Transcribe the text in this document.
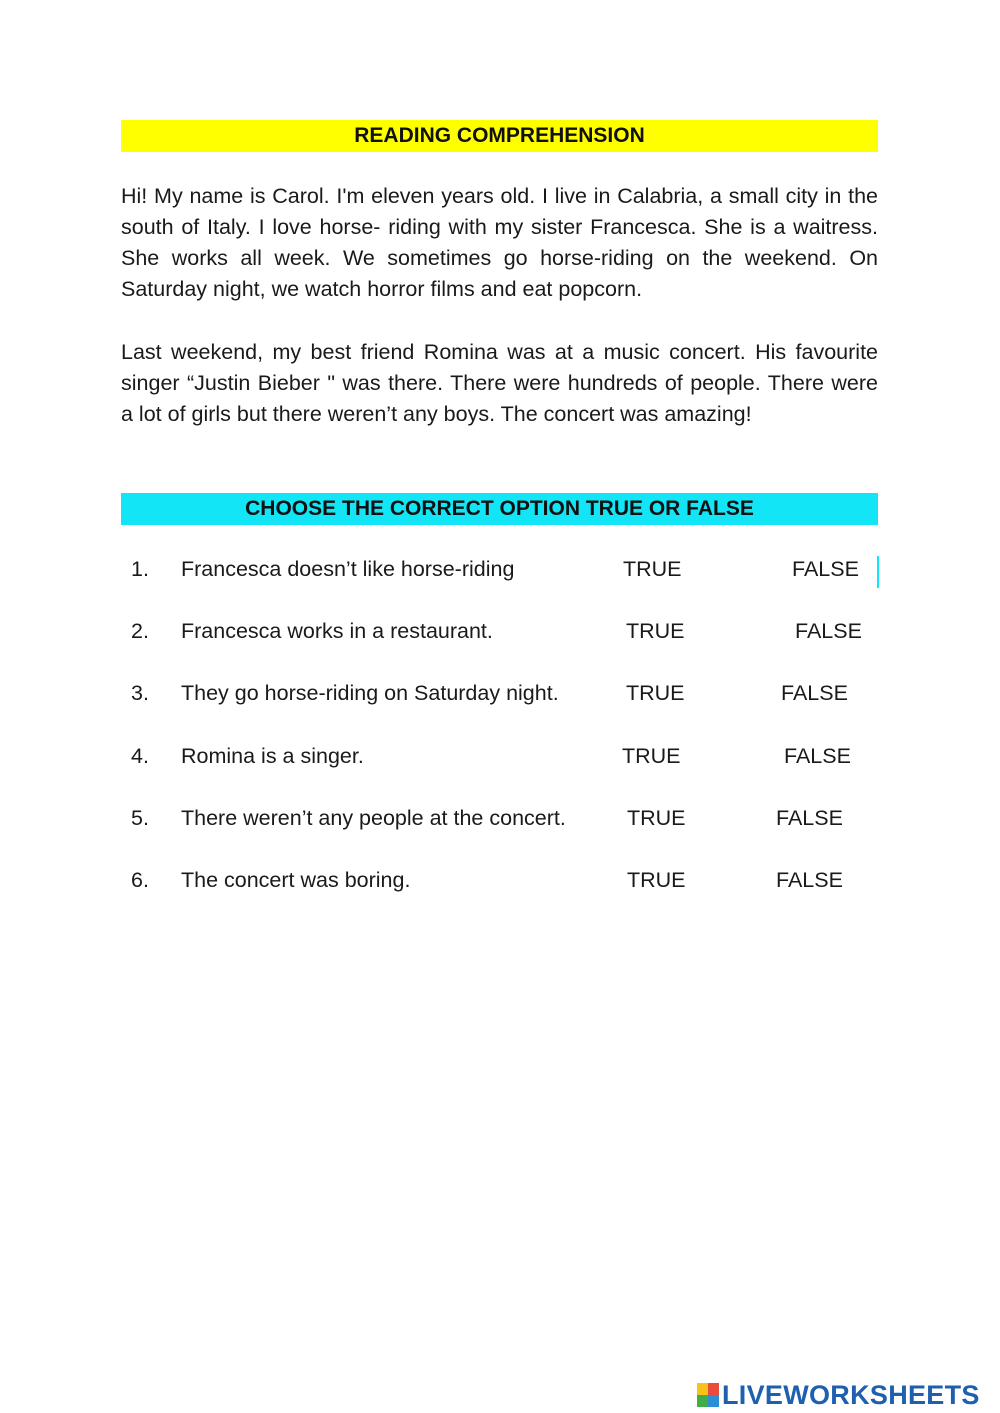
READING COMPREHENSION

Hi! My name is Carol. I'm eleven years old. I live in Calabria, a small city in the south of Italy. I love horse- riding with my sister Francesca. She is a waitress. She works all week. We sometimes go horse-riding on the weekend. On Saturday night, we watch horror films and eat popcorn.

Last weekend, my best friend Romina was at a music concert. His favourite singer “Justin Bieber " was there. There were hundreds of people. There were a lot of girls but there weren’t any boys. The concert was amazing!

CHOOSE THE CORRECT OPTION TRUE OR FALSE
1. Francesca doesn’t like horse-riding	TRUE	FALSE
2. Francesca works in a restaurant.	TRUE	FALSE
3. They go horse-riding on Saturday night.	TRUE	FALSE
4. Romina is a singer.	TRUE	FALSE
5. There weren’t any people at the concert.	TRUE	FALSE
6. The concert was boring.	TRUE	FALSE
LIVEWORKSHEETS
